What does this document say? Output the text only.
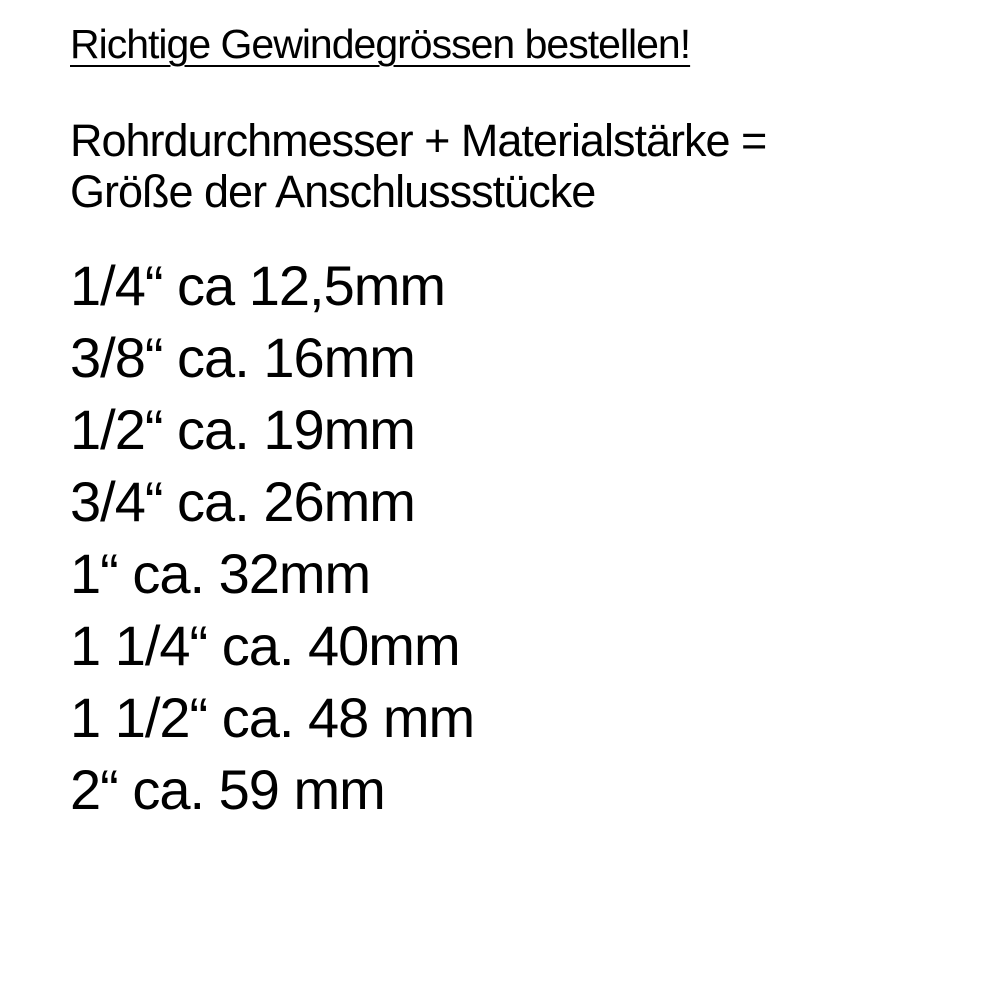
Richtige Gewindegrössen bestellen!

Rohrdurchmesser + Materialstärke =
Größe der Anschlussstücke

1/4“ ca 12,5mm
3/8“ ca. 16mm
1/2“ ca. 19mm
3/4“ ca. 26mm
1“ ca. 32mm
1 1/4“ ca. 40mm
1 1/2“ ca. 48 mm
2“ ca. 59 mm
